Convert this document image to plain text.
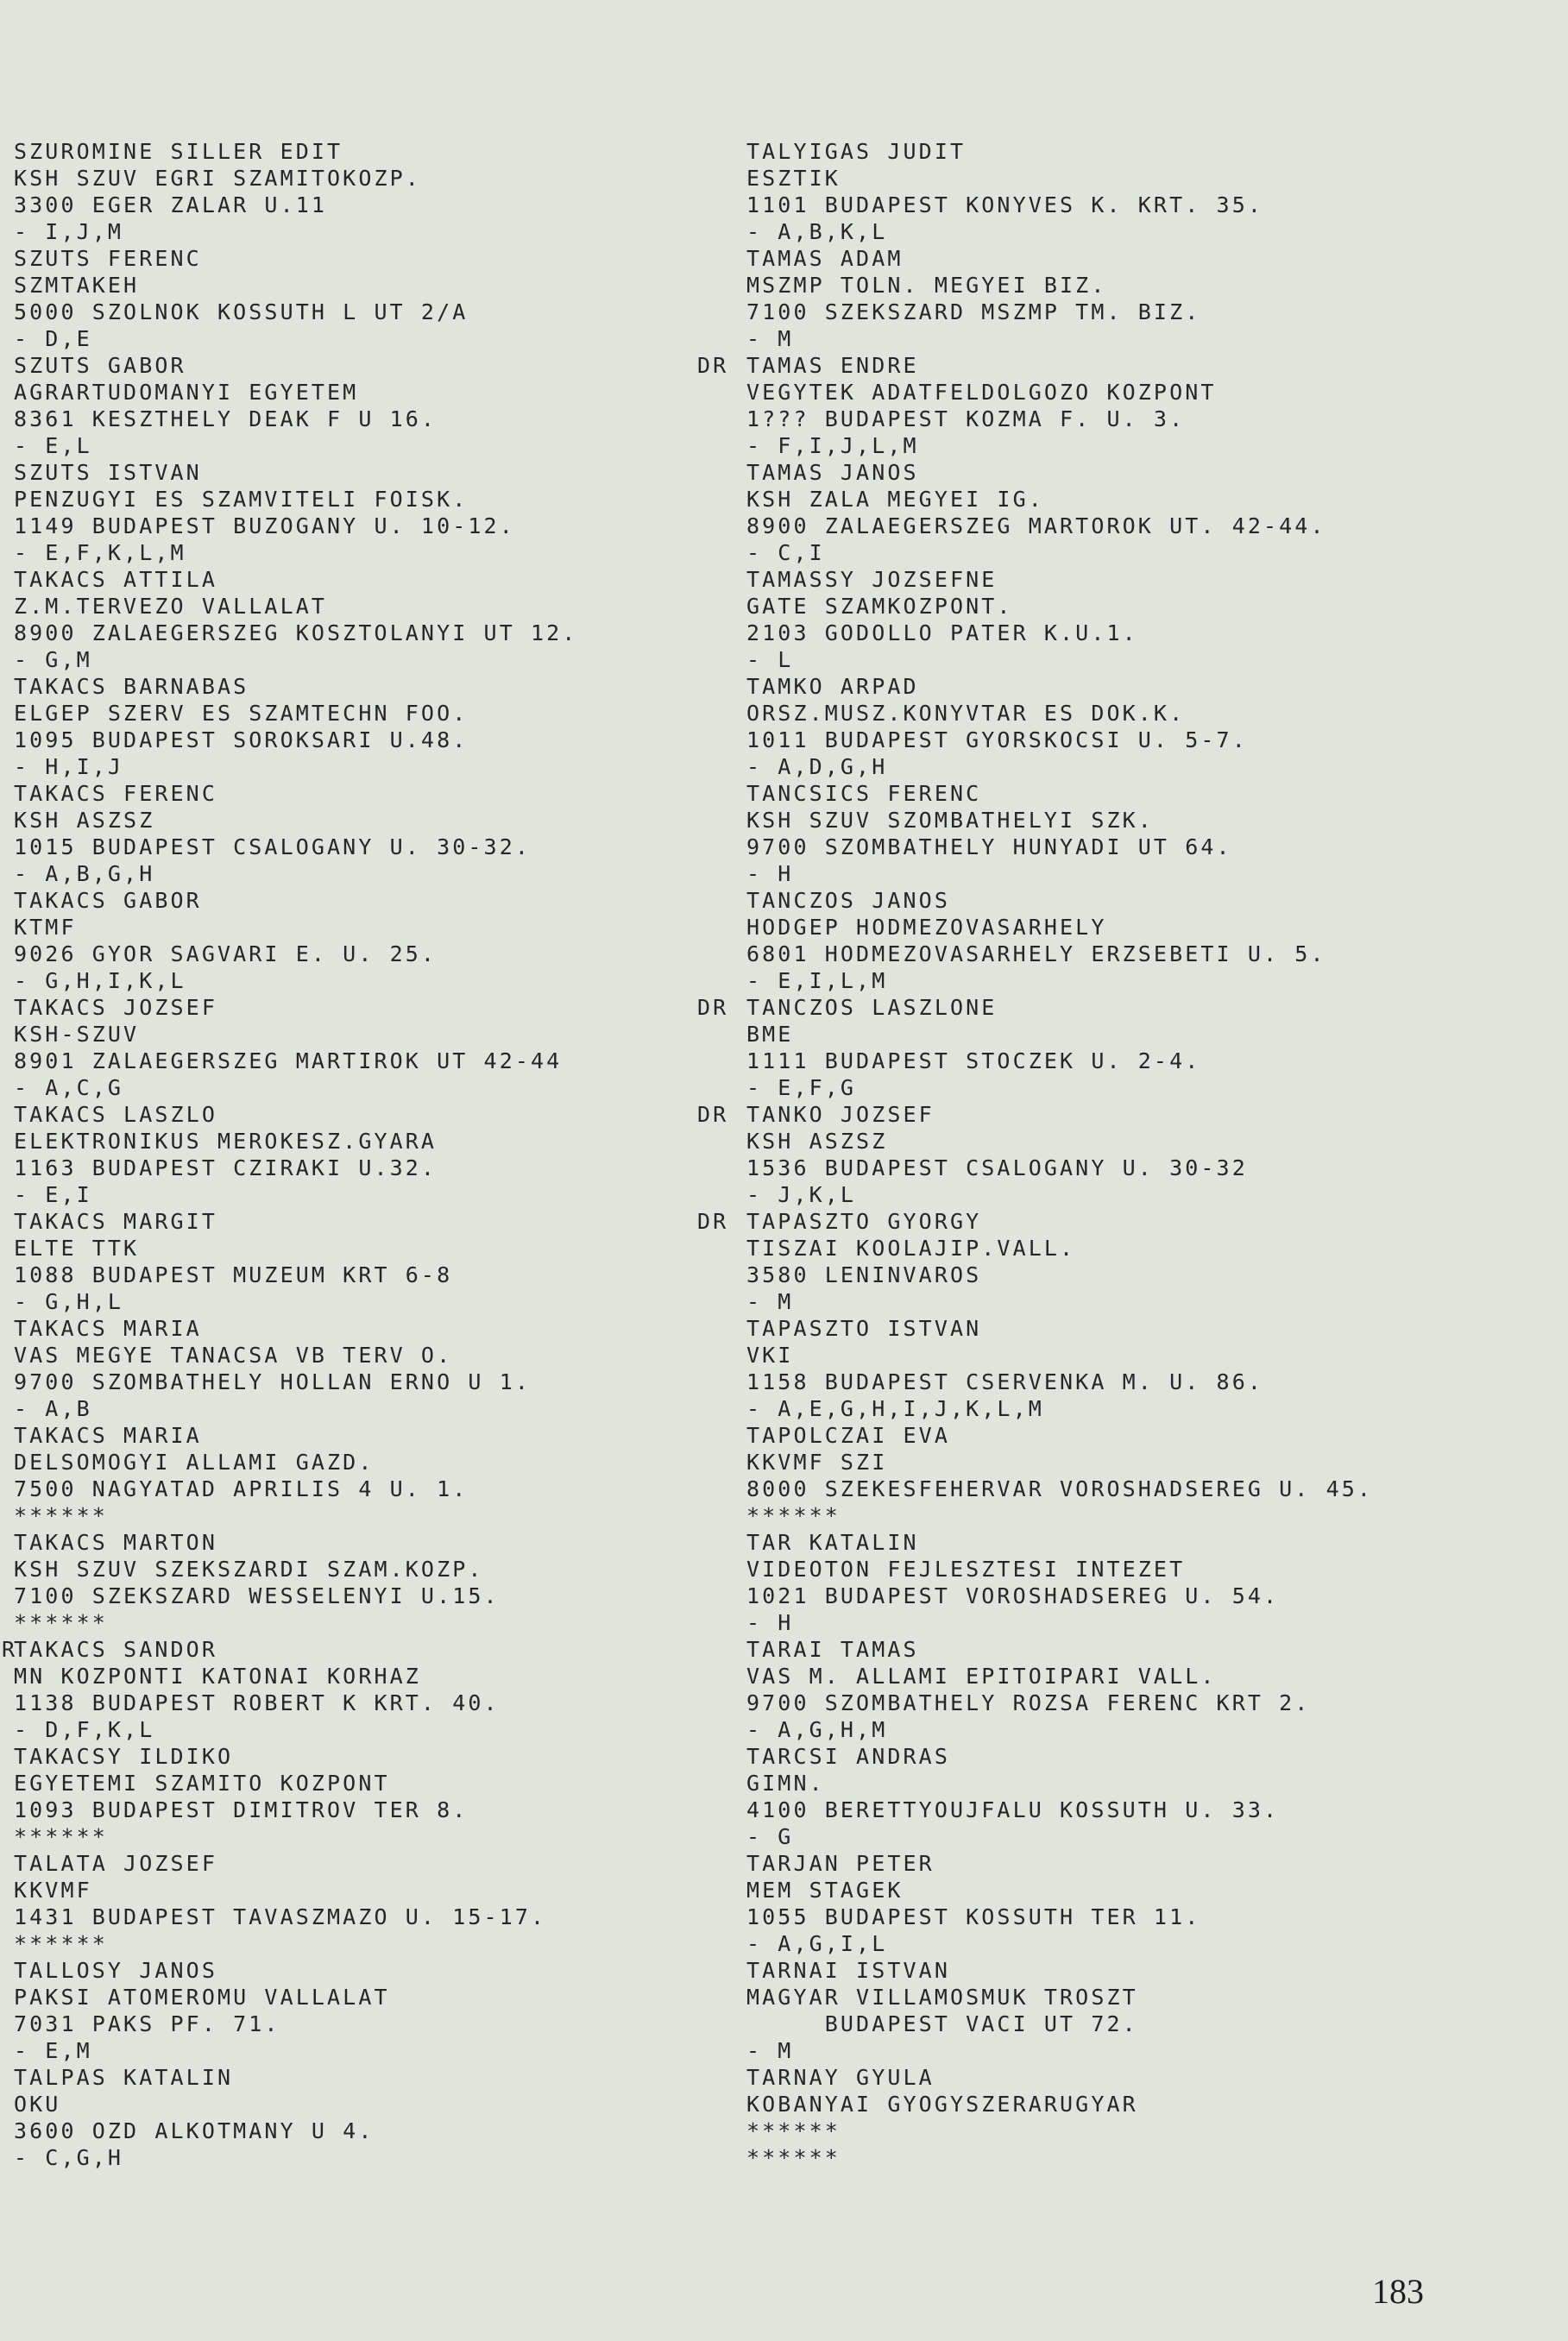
SZUROMINE SILLER EDIT
KSH SZUV EGRI SZAMITOKOZP.
3300 EGER ZALAR U.11
- I,J,M
SZUTS FERENC
SZMTAKEH
5000 SZOLNOK KOSSUTH L UT 2/A
- D,E
SZUTS GABOR
AGRARTUDOMANYI EGYETEM
8361 KESZTHELY DEAK F U 16.
- E,L
SZUTS ISTVAN
PENZUGYI ES SZAMVITELI FOISK.
1149 BUDAPEST BUZOGANY U. 10-12.
- E,F,K,L,M
TAKACS ATTILA
Z.M.TERVEZO VALLALAT
8900 ZALAEGERSZEG KOSZTOLANYI UT 12.
- G,M
TAKACS BARNABAS
ELGEP SZERV ES SZAMTECHN FOO.
1095 BUDAPEST SOROKSARI U.48.
- H,I,J
TAKACS FERENC
KSH ASZSZ
1015 BUDAPEST CSALOGANY U. 30-32.
- A,B,G,H
TAKACS GABOR
KTMF
9026 GYOR SAGVARI E. U. 25.
- G,H,I,K,L
TAKACS JOZSEF
KSH-SZUV
8901 ZALAEGERSZEG MARTIROK UT 42-44
- A,C,G
TAKACS LASZLO
ELEKTRONIKUS MEROKESZ.GYARA
1163 BUDAPEST CZIRAKI U.32.
- E,I
TAKACS MARGIT
ELTE TTK
1088 BUDAPEST MUZEUM KRT 6-8
- G,H,L
TAKACS MARIA
VAS MEGYE TANACSA VB TERV O.
9700 SZOMBATHELY HOLLAN ERNO U 1.
- A,B
TAKACS MARIA
DELSOMOGYI ALLAMI GAZD.
7500 NAGYATAD APRILIS 4 U. 1.
******
TAKACS MARTON
KSH SZUV SZEKSZARDI SZAM.KOZP.
7100 SZEKSZARD WESSELENYI U.15.
******
R
TAKACS SANDOR
MN KOZPONTI KATONAI KORHAZ
1138 BUDAPEST ROBERT K KRT. 40.
- D,F,K,L
TAKACSY ILDIKO
EGYETEMI SZAMITO KOZPONT
1093 BUDAPEST DIMITROV TER 8.
******
TALATA JOZSEF
KKVMF
1431 BUDAPEST TAVASZMAZO U. 15-17.
******
TALLOSY JANOS
PAKSI ATOMEROMU VALLALAT
7031 PAKS PF. 71.
- E,M
TALPAS KATALIN
OKU
3600 OZD ALKOTMANY U 4.
- C,G,H
TALYIGAS JUDIT
ESZTIK
1101 BUDAPEST KONYVES K. KRT. 35.
- A,B,K,L
TAMAS ADAM
MSZMP TOLN. MEGYEI BIZ.
7100 SZEKSZARD MSZMP TM. BIZ.
- M
DR TAMAS ENDRE
VEGYTEK ADATFELDOLGOZO KOZPONT
1??? BUDAPEST KOZMA F. U. 3.
- F,I,J,L,M
TAMAS JANOS
KSH ZALA MEGYEI IG.
8900 ZALAEGERSZEG MARTOROK UT. 42-44.
- C,I
TAMASSY JOZSEFNE
GATE SZAMKOZPONT.
2103 GODOLLO PATER K.U.1.
- L
TAMKO ARPAD
ORSZ.MUSZ.KONYVTAR ES DOK.K.
1011 BUDAPEST GYORSKOCSI U. 5-7.
- A,D,G,H
TANCSICS FERENC
KSH SZUV SZOMBATHELYI SZK.
9700 SZOMBATHELY HUNYADI UT 64.
- H
TANCZOS JANOS
HODGEP HODMEZOVASARHELY
6801 HODMEZOVASARHELY ERZSEBETI U. 5.
- E,I,L,M
DR TANCZOS LASZLONE
BME
1111 BUDAPEST STOCZEK U. 2-4.
- E,F,G
DR TANKO JOZSEF
KSH ASZSZ
1536 BUDAPEST CSALOGANY U. 30-32
- J,K,L
DR TAPASZTO GYORGY
TISZAI KOOLAJIP.VALL.
3580 LENINVAROS
- M
TAPASZTO ISTVAN
VKI
1158 BUDAPEST CSERVENKA M. U. 86.
- A,E,G,H,I,J,K,L,M
TAPOLCZAI EVA
KKVMF SZI
8000 SZEKESFEHERVAR VOROSHADSEREG U. 45.
******
TAR KATALIN
VIDEOTON FEJLESZTESI INTEZET
1021 BUDAPEST VOROSHADSEREG U. 54.
- H
TARAI TAMAS
VAS M. ALLAMI EPITOIPARI VALL.
9700 SZOMBATHELY ROZSA FERENC KRT 2.
- A,G,H,M
TARCSI ANDRAS
GIMN.
4100 BERETTYOUJFALU KOSSUTH U. 33.
- G
TARJAN PETER
MEM STAGEK
1055 BUDAPEST KOSSUTH TER 11.
- A,G,I,L
TARNAI ISTVAN
MAGYAR VILLAMOSMUK TROSZT
BUDAPEST VACI UT 72.
- M
TARNAY GYULA
KOBANYAI GYOGYSZERARUGYAR
******
******
183
